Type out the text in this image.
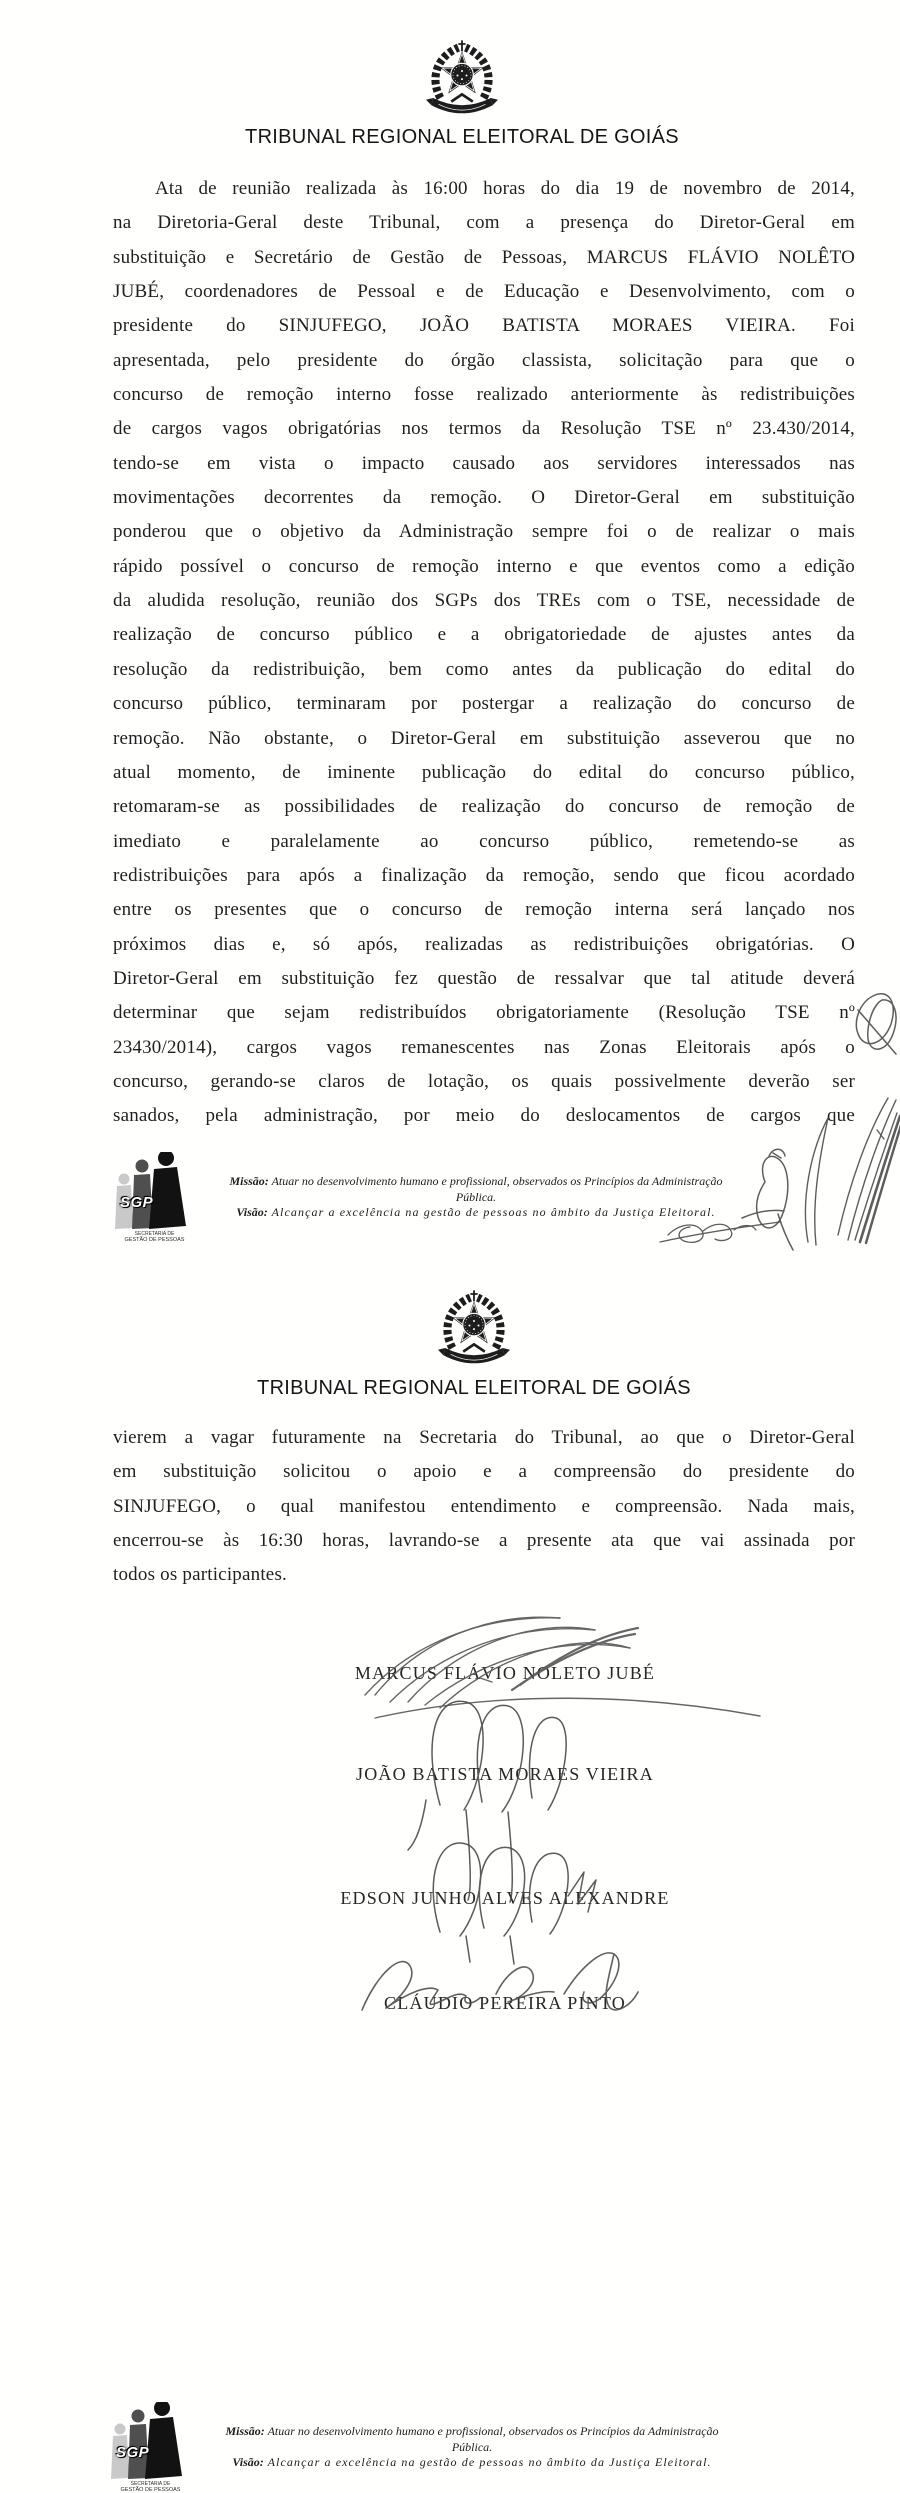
TRIBUNAL REGIONAL ELEITORAL DE GOIÁS
Ata de reunião realizada às 16:00 horas do dia 19 de novembro de 2014,
na Diretoria-Geral deste Tribunal, com a presença do Diretor-Geral em
substituição e Secretário de Gestão de Pessoas, MARCUS FLÁVIO NOLÊTO
JUBÉ, coordenadores de Pessoal e de Educação e Desenvolvimento, com o
presidente do SINJUFEGO, JOÃO BATISTA MORAES VIEIRA. Foi
apresentada, pelo presidente do órgão classista, solicitação para que o
concurso de remoção interno fosse realizado anteriormente às redistribuições
de cargos vagos obrigatórias nos termos da Resolução TSE nº 23.430/2014,
tendo-se em vista o impacto causado aos servidores interessados nas
movimentações decorrentes da remoção. O Diretor-Geral em substituição
ponderou que o objetivo da Administração sempre foi o de realizar o mais
rápido possível o concurso de remoção interno e que eventos como a edição
da aludida resolução, reunião dos SGPs dos TREs com o TSE, necessidade de
realização de concurso público e a obrigatoriedade de ajustes antes da
resolução da redistribuição, bem como antes da publicação do edital do
concurso público, terminaram por postergar a realização do concurso de
remoção. Não obstante, o Diretor-Geral em substituição asseverou que no
atual momento, de iminente publicação do edital do concurso público,
retomaram-se as possibilidades de realização do concurso de remoção de
imediato e paralelamente ao concurso público, remetendo-se as
redistribuições para após a finalização da remoção, sendo que ficou acordado
entre os presentes que o concurso de remoção interna será lançado nos
próximos dias e, só após, realizadas as redistribuições obrigatórias. O
Diretor-Geral em substituição fez questão de ressalvar que tal atitude deverá
determinar que sejam redistribuídos obrigatoriamente (Resolução TSE nº
23430/2014), cargos vagos remanescentes nas Zonas Eleitorais após o
concurso, gerando-se claros de lotação, os quais possivelmente deverão ser
sanados, pela administração, por meio do deslocamentos de cargos que
SGP
SECRETARIA DE
GESTÃO DE PESSOAS
Missão: Atuar no desenvolvimento humano e profissional, observados os Princípios da Administração Pública.
Visão: Alcançar a excelência na gestão de pessoas no âmbito da Justiça Eleitoral.
TRIBUNAL REGIONAL ELEITORAL DE GOIÁS
vierem a vagar futuramente na Secretaria do Tribunal, ao que o Diretor-Geral
em substituição solicitou o apoio e a compreensão do presidente do
SINJUFEGO, o qual manifestou entendimento e compreensão. Nada mais,
encerrou-se às 16:30 horas, lavrando-se a presente ata que vai assinada por
todos os participantes.
MARCUS FLÁVIO NOLETO JUBÉ
JOÃO BATISTA MORAES VIEIRA
EDSON JUNHO ALVES ALEXANDRE
CLÁUDIO PEREIRA PINTO
SGP
SECRETARIA DE
GESTÃO DE PESSOAS
Missão: Atuar no desenvolvimento humano e profissional, observados os Princípios da Administração Pública.
Visão: Alcançar a excelência na gestão de pessoas no âmbito da Justiça Eleitoral.
